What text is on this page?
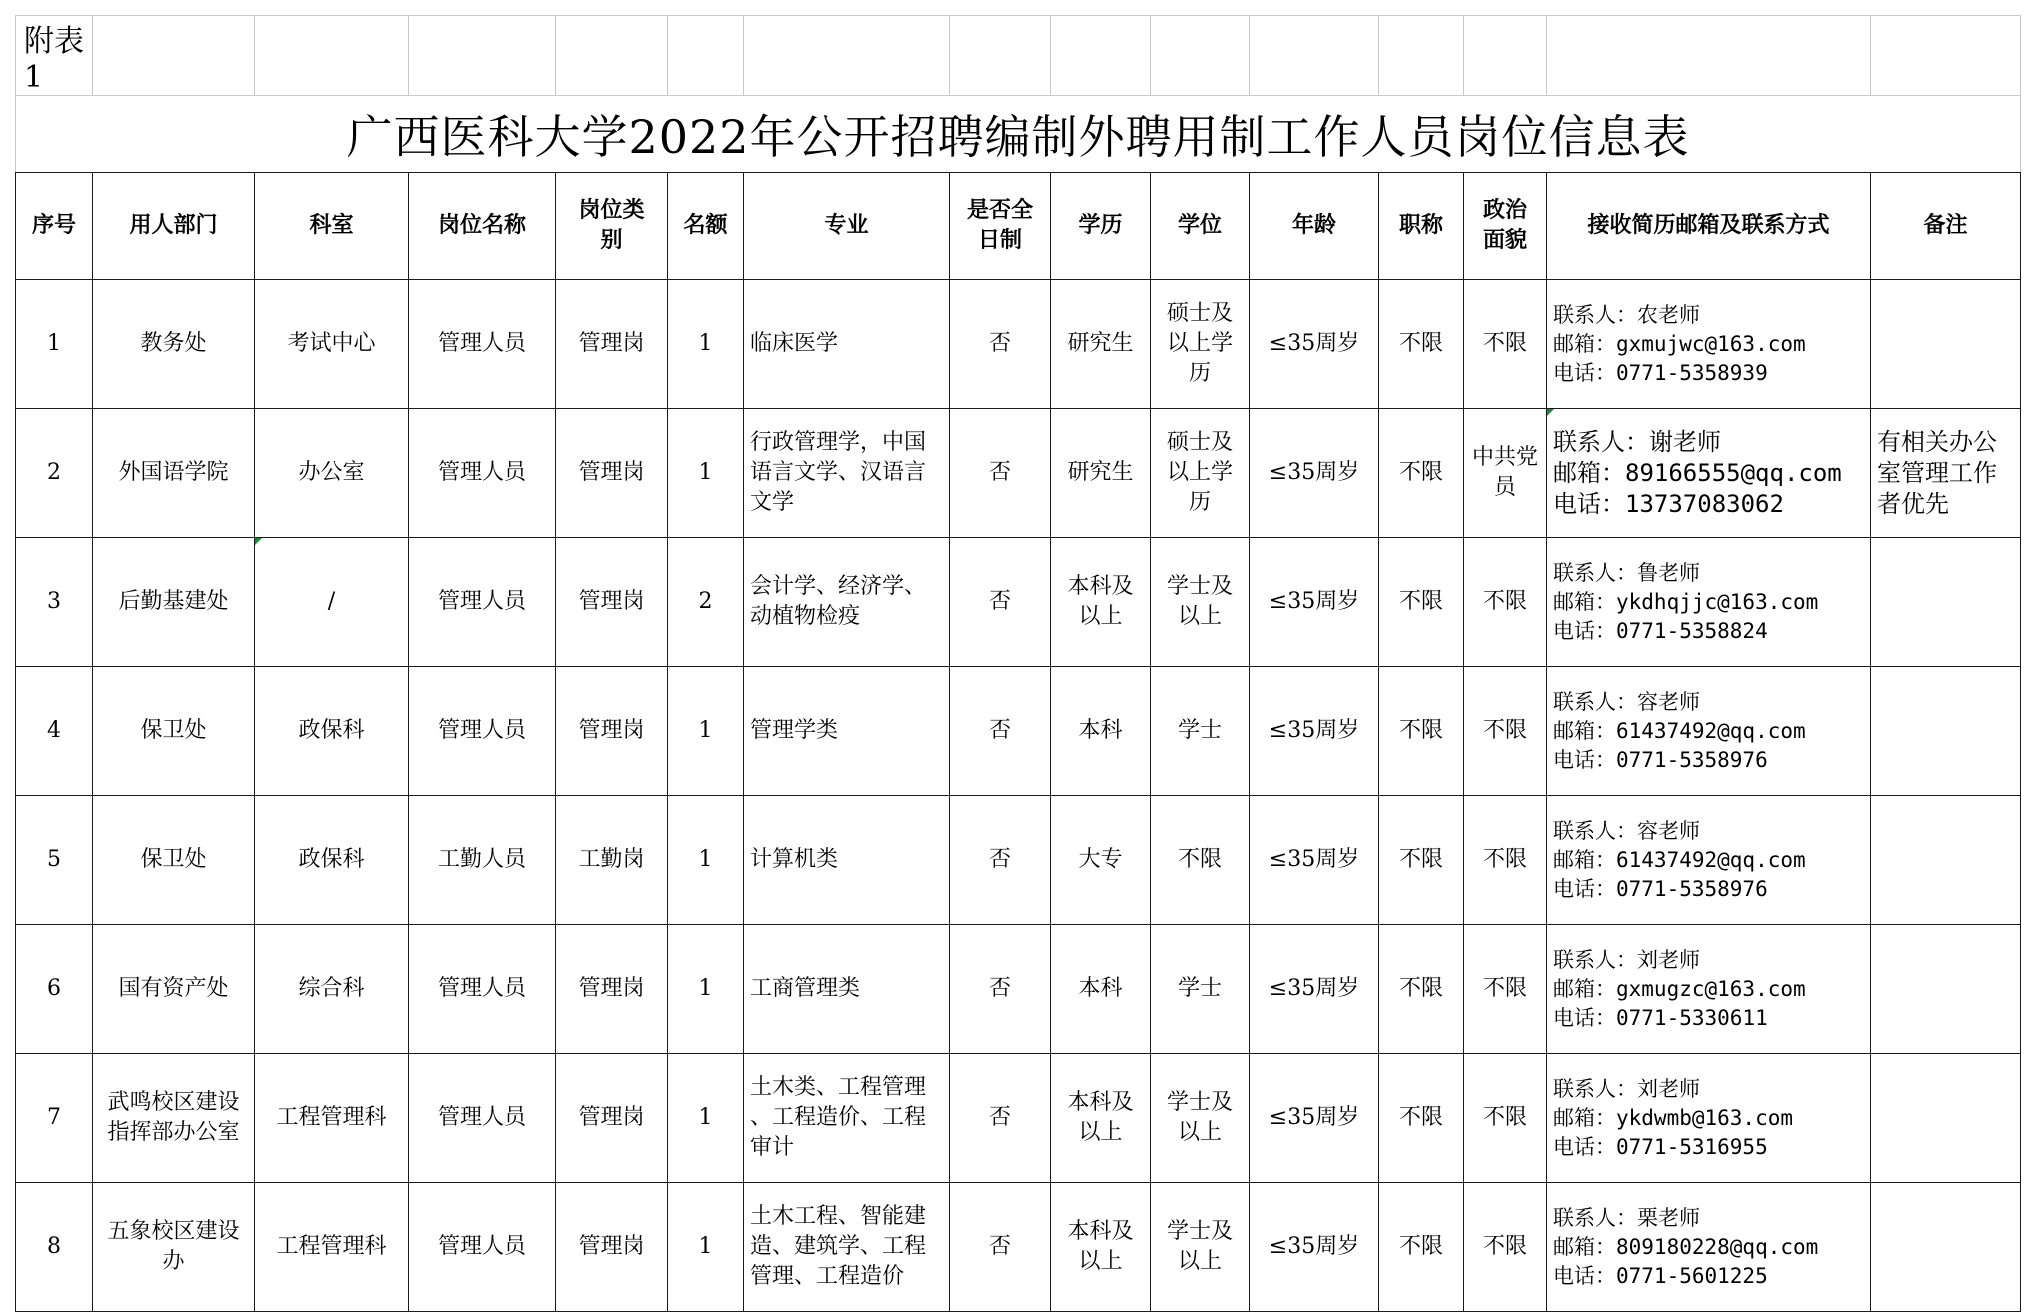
附表1														
广西医科大学2022年公开招聘编制外聘用制工作人员岗位信息表														
序号	用人部门	科室	岗位名称	岗位类
别	名额	专业	是否全
日制	学历	学位	年龄	职称	政治
面貌	接收简历邮箱及联系方式	备注
1	教务处	考试中心	管理人员	管理岗	1	临床医学	否	研究生	硕士及
以上学
历	≤35周岁	不限	不限	联系人：农老师
邮箱：gxmujwc@163.com
电话：0771-5358939	

2	外国语学院	办公室	管理人员	管理岗	1	行政管理学，中国
语言文学、汉语言
文学	否	研究生	硕士及
以上学
历	≤35周岁	不限	中共党
员	联系人：谢老师
邮箱：89166555@qq.com
电话：13737083062	有相关办公
室管理工作
者优先

3	后勤基建处	/	管理人员	管理岗	2	会计学、经济学、
动植物检疫	否	本科及
以上	学士及
以上	≤35周岁	不限	不限	联系人：鲁老师
邮箱：ykdhqjjc@163.com
电话：0771-5358824	

4	保卫处	政保科	管理人员	管理岗	1	管理学类	否	本科	学士	≤35周岁	不限	不限	联系人：容老师
邮箱：61437492@qq.com
电话：0771-5358976	

5	保卫处	政保科	工勤人员	工勤岗	1	计算机类	否	大专	不限	≤35周岁	不限	不限	联系人：容老师
邮箱：61437492@qq.com
电话：0771-5358976	

6	国有资产处	综合科	管理人员	管理岗	1	工商管理类	否	本科	学士	≤35周岁	不限	不限	联系人：刘老师
邮箱：gxmugzc@163.com
电话：0771-5330611	

7	武鸣校区建设
指挥部办公室	工程管理科	管理人员	管理岗	1	土木类、工程管理
、工程造价、工程
审计	否	本科及
以上	学士及
以上	≤35周岁	不限	不限	联系人：刘老师
邮箱：ykdwmb@163.com
电话：0771-5316955	

8	五象校区建设
办	工程管理科	管理人员	管理岗	1	土木工程、智能建
造、建筑学、工程
管理、工程造价	否	本科及
以上	学士及
以上	≤35周岁	不限	不限	联系人：栗老师
邮箱：809180228@qq.com
电话：0771-5601225	
